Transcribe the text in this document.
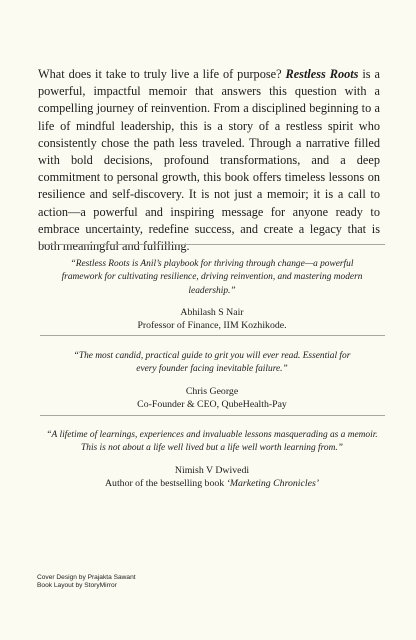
What does it take to truly live a life of purpose? Restless Roots is a powerful, impactful memoir that answers this question with a compelling journey of reinvention. From a disciplined beginning to a life of mindful leadership, this is a story of a restless spirit who consistently chose the path less traveled. Through a narrative filled with bold decisions, profound transformations, and a deep commitment to personal growth, this book offers timeless lessons on resilience and self-discovery. It is not just a memoir; it is a call to action—a powerful and inspiring message for anyone ready to embrace uncertainty, redefine success, and create a legacy that is both meaningful and fulfilling.

“Restless Roots is Anil’s playbook for thriving through change—a powerful framework for cultivating resilience, driving reinvention, and mastering modern leadership.”

Abhilash S Nair

Professor of Finance, IIM Kozhikode.

“The most candid, practical guide to grit you will ever read. Essential for every founder facing inevitable failure.”

Chris George

Co-Founder & CEO, QubeHealth-Pay

“A lifetime of learnings, experiences and invaluable lessons masquerading as a memoir. This is not about a life well lived but a life well worth learning from.”

Nimish V Dwivedi

Author of the bestselling book ‘Marketing Chronicles’

Cover Design by Prajakta Sawant
Book Layout by StoryMirror
